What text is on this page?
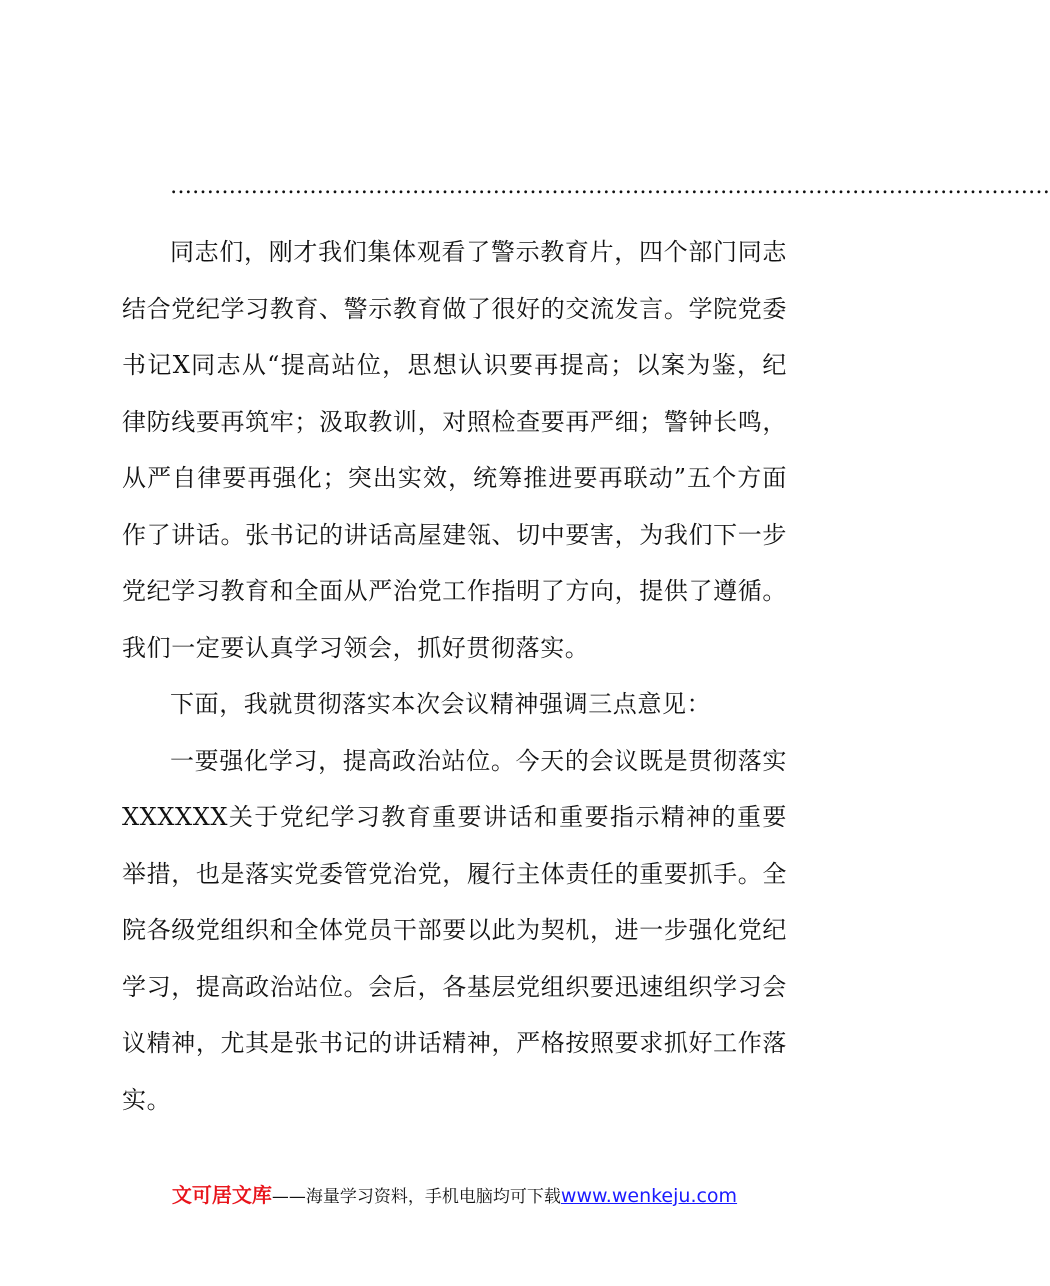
…………………………………………………………………………………………………………

同志们，刚才我们集体观看了警示教育片，四个部门同志结合党纪学习教育、警示教育做了很好的交流发言。学院党委书记X同志从“提高站位，思想认识要再提高；以案为鉴，纪律防线要再筑牢；汲取教训，对照检查要再严细；警钟长鸣，从严自律要再强化；突出实效，统筹推进要再联动”五个方面作了讲话。张书记的讲话高屋建瓴、切中要害，为我们下一步党纪学习教育和全面从严治党工作指明了方向，提供了遵循。我们一定要认真学习领会，抓好贯彻落实。

下面，我就贯彻落实本次会议精神强调三点意见：

一要强化学习，提高政治站位。今天的会议既是贯彻落实XXXXXX关于党纪学习教育重要讲话和重要指示精神的重要举措，也是落实党委管党治党，履行主体责任的重要抓手。全院各级党组织和全体党员干部要以此为契机，进一步强化党纪学习，提高政治站位。会后，各基层党组织要迅速组织学习会议精神，尤其是张书记的讲话精神，严格按照要求抓好工作落实。

文可居文库——海量学习资料，手机电脑均可下载www.wenkeju.com
